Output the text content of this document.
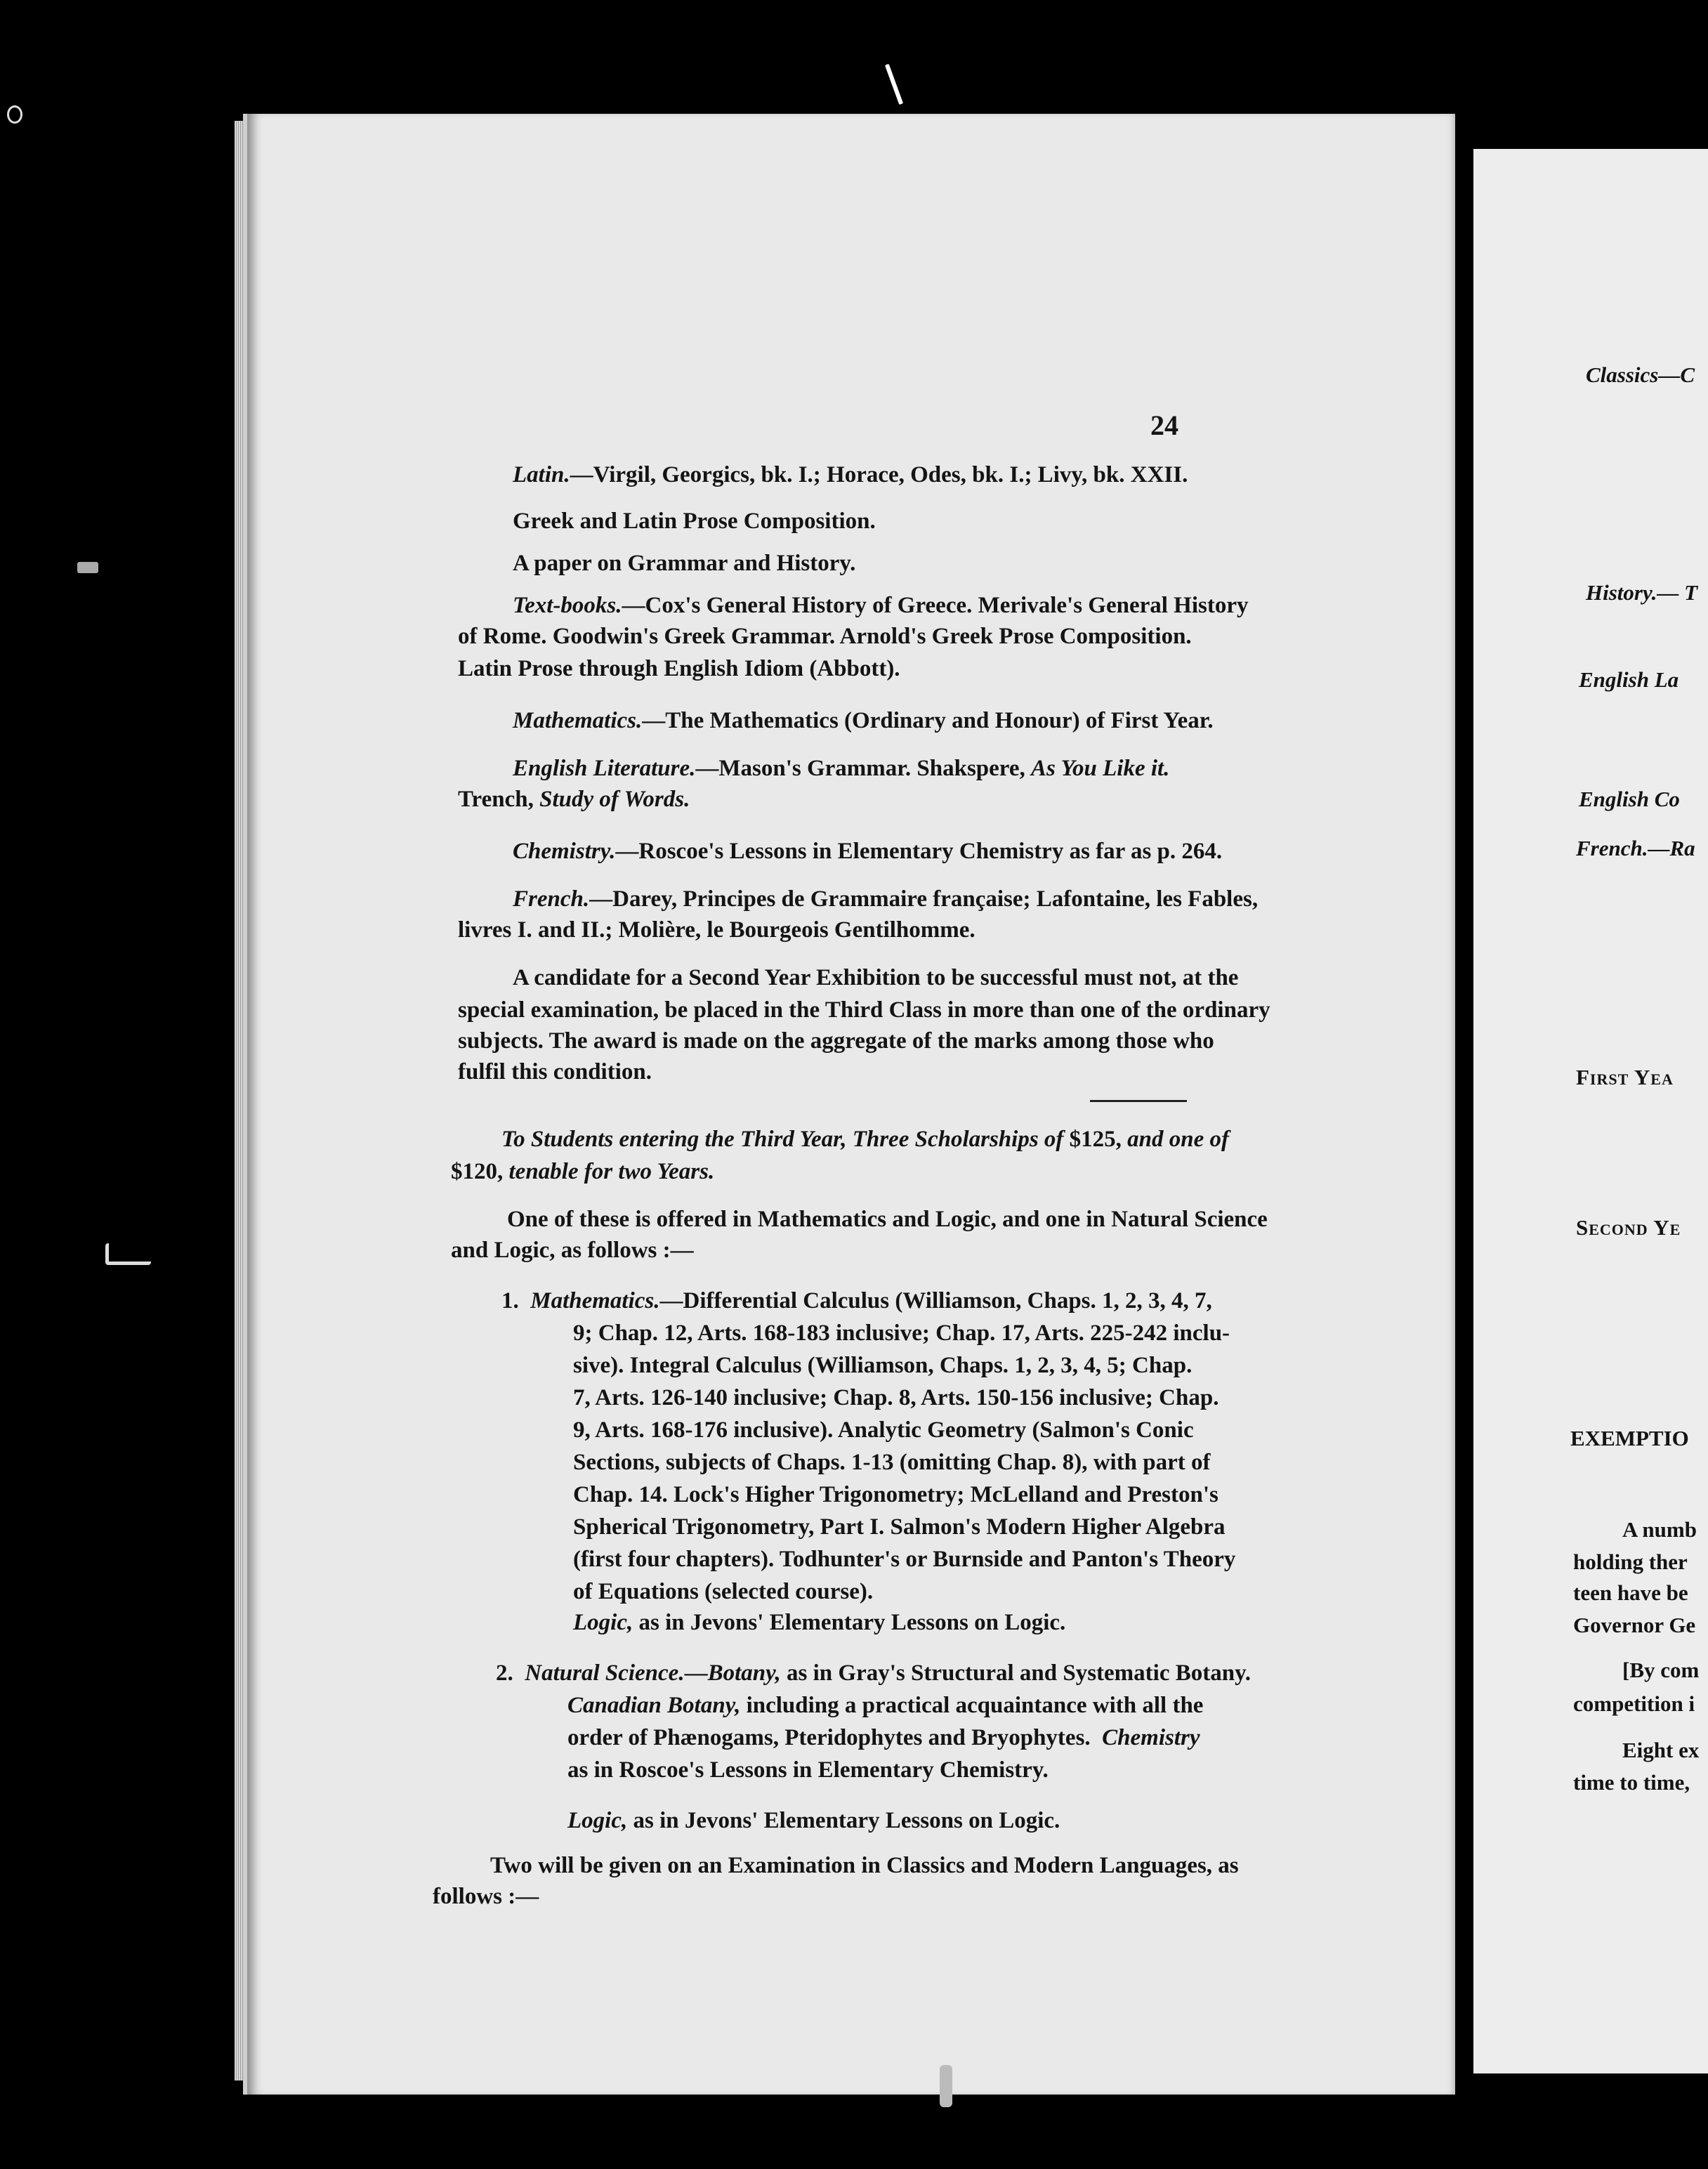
24
Latin.—Virgil, Georgics, bk. I.; Horace, Odes, bk. I.; Livy, bk. XXII.
Greek and Latin Prose Composition.
A paper on Grammar and History.
Text-books.—Cox's General History of Greece. Merivale's General History
of Rome. Goodwin's Greek Grammar. Arnold's Greek Prose Composition.
Latin Prose through English Idiom (Abbott).
Mathematics.—The Mathematics (Ordinary and Honour) of First Year.
English Literature.—Mason's Grammar. Shakspere, As You Like it.
Trench, Study of Words.
Chemistry.—Roscoe's Lessons in Elementary Chemistry as far as p. 264.
French.—Darey, Principes de Grammaire française; Lafontaine, les Fables,
livres I. and II.; Molière, le Bourgeois Gentilhomme.
A candidate for a Second Year Exhibition to be successful must not, at the
special examination, be placed in the Third Class in more than one of the ordinary
subjects. The award is made on the aggregate of the marks among those who
fulfil this condition.
To Students entering the Third Year, Three Scholarships of $125, and one of
$120, tenable for two Years.
One of these is offered in Mathematics and Logic, and one in Natural Science
and Logic, as follows :—
1. Mathematics.—Differential Calculus (Williamson, Chaps. 1, 2, 3, 4, 7,
9; Chap. 12, Arts. 168-183 inclusive; Chap. 17, Arts. 225-242 inclu-
sive). Integral Calculus (Williamson, Chaps. 1, 2, 3, 4, 5; Chap.
7, Arts. 126-140 inclusive; Chap. 8, Arts. 150-156 inclusive; Chap.
9, Arts. 168-176 inclusive). Analytic Geometry (Salmon's Conic
Sections, subjects of Chaps. 1-13 (omitting Chap. 8), with part of
Chap. 14. Lock's Higher Trigonometry; McLelland and Preston's
Spherical Trigonometry, Part I. Salmon's Modern Higher Algebra
(first four chapters). Todhunter's or Burnside and Panton's Theory
of Equations (selected course).
Logic, as in Jevons' Elementary Lessons on Logic.
2. Natural Science.—Botany, as in Gray's Structural and Systematic Botany.
Canadian Botany, including a practical acquaintance with all the
order of Phænogams, Pteridophytes and Bryophytes. Chemistry
as in Roscoe's Lessons in Elementary Chemistry.
Logic, as in Jevons' Elementary Lessons on Logic.
Two will be given on an Examination in Classics and Modern Languages, as
follows :—
Classics—C
History.— T
English La
English Co
French.—Ra
First Yea
Second Ye
EXEMPTIO
A numb
holding ther
teen have be
Governor Ge
[By com
competition i
Eight ex
time to time,
